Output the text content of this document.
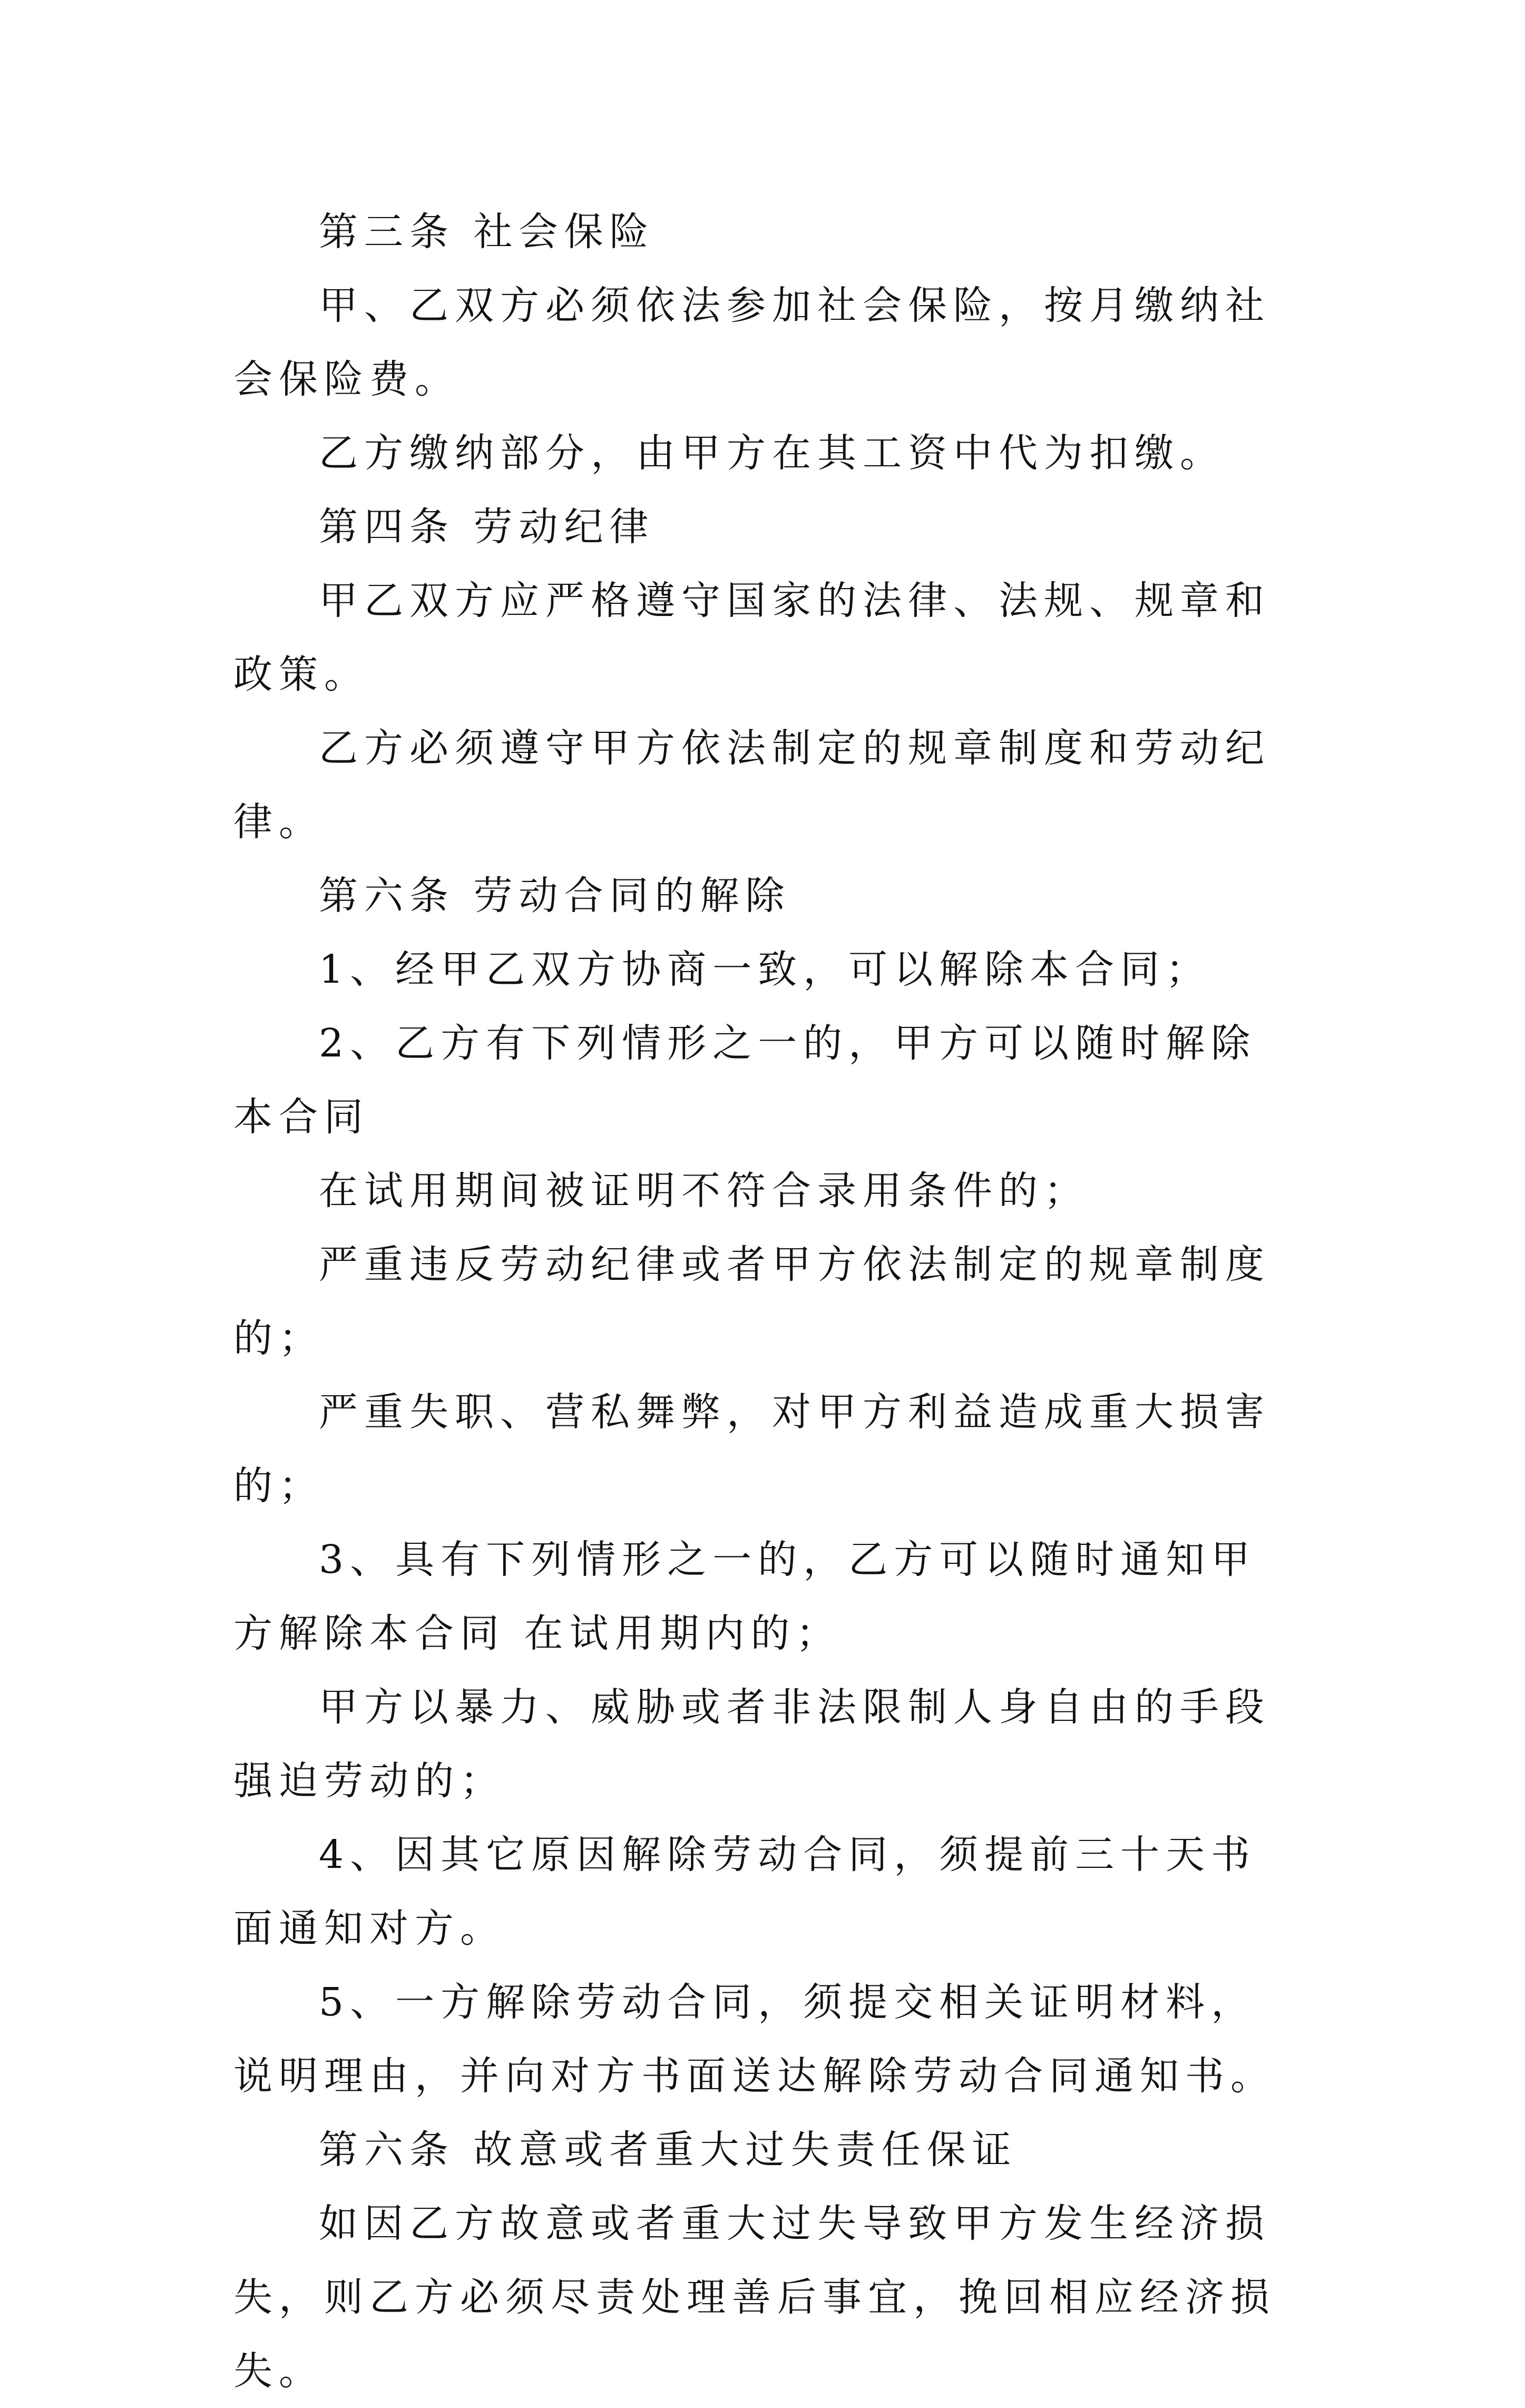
第三条 社会保险

甲、乙双方必须依法参加社会保险，按月缴纳社会保险费。

乙方缴纳部分，由甲方在其工资中代为扣缴。

第四条 劳动纪律

甲乙双方应严格遵守国家的法律、法规、规章和政策。

乙方必须遵守甲方依法制定的规章制度和劳动纪律。

第六条 劳动合同的解除

1、经甲乙双方协商一致，可以解除本合同；

2、乙方有下列情形之一的，甲方可以随时解除本合同

在试用期间被证明不符合录用条件的；

严重违反劳动纪律或者甲方依法制定的规章制度的；

严重失职、营私舞弊，对甲方利益造成重大损害的；

3、具有下列情形之一的，乙方可以随时通知甲方解除本合同 在试用期内的；

甲方以暴力、威胁或者非法限制人身自由的手段强迫劳动的；

4、因其它原因解除劳动合同，须提前三十天书面通知对方。

5、一方解除劳动合同，须提交相关证明材料，说明理由，并向对方书面送达解除劳动合同通知书。

第六条 故意或者重大过失责任保证

如因乙方故意或者重大过失导致甲方发生经济损失，则乙方必须尽责处理善后事宜，挽回相应经济损失。
